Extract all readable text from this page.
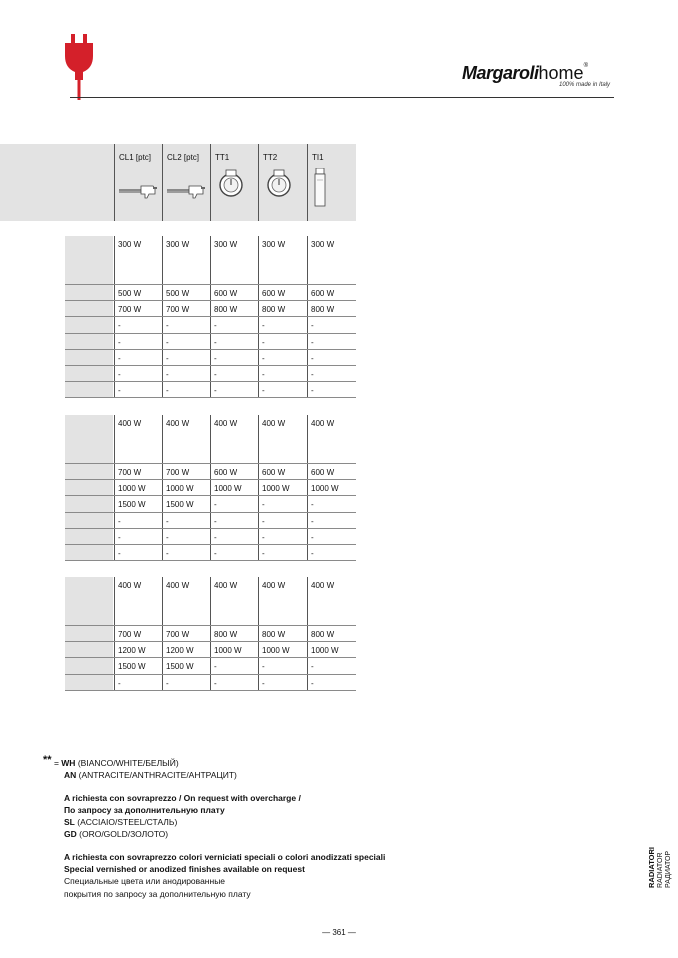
Margarolihome®
100% made in Italy
CL1 [ptc] CL2 [ptc] TT1	TT2	TI1
300 W	300 W	300 W	300 W	300 W
500 W	500 W	600 W	600 W	600 W
700 W	700 W	800 W	800 W	800 W
-	-	-	-	-
-	-	-	-	-
-	-	-	-	-
-	-	-	-	-
-	-	-	-	-
400 W	400 W	400 W	400 W	400 W
700 W	700 W	600 W	600 W	600 W
1000 W	1000 W	1000 W	1000 W	1000 W
1500 W	1500 W	-	-	-
-	-	-	-	-
-	-	-	-	-
-	-	-	-	-
400 W	400 W	400 W	400 W	400 W
700 W	700 W	800 W	800 W	800 W
1200 W	1200 W	1000 W	1000 W	1000 W
1500 W	1500 W	-	-	-
-	-	-	-	-
** = WH (BIANCO/WHITE/БЕЛЫЙ)
AN (ANTRACITE/ANTHRACITE/АНТРАЦИТ)
A richiesta con sovraprezzo / On request with overcharge /
По запросу за дополнительную плату
SL (ACCIAIO/STEEL/СТАЛЬ)
GD (ORO/GOLD/ЗОЛОТО)
A richiesta con sovraprezzo colori verniciati speciali o colori anodizzati speciali
Special vernished or anodized finishes available on request
Специальные цвета или анодированные
покрытия по запросу за дополнительную плату
RADIATORI RADIATOR РАДИАТОР
— 361 —
